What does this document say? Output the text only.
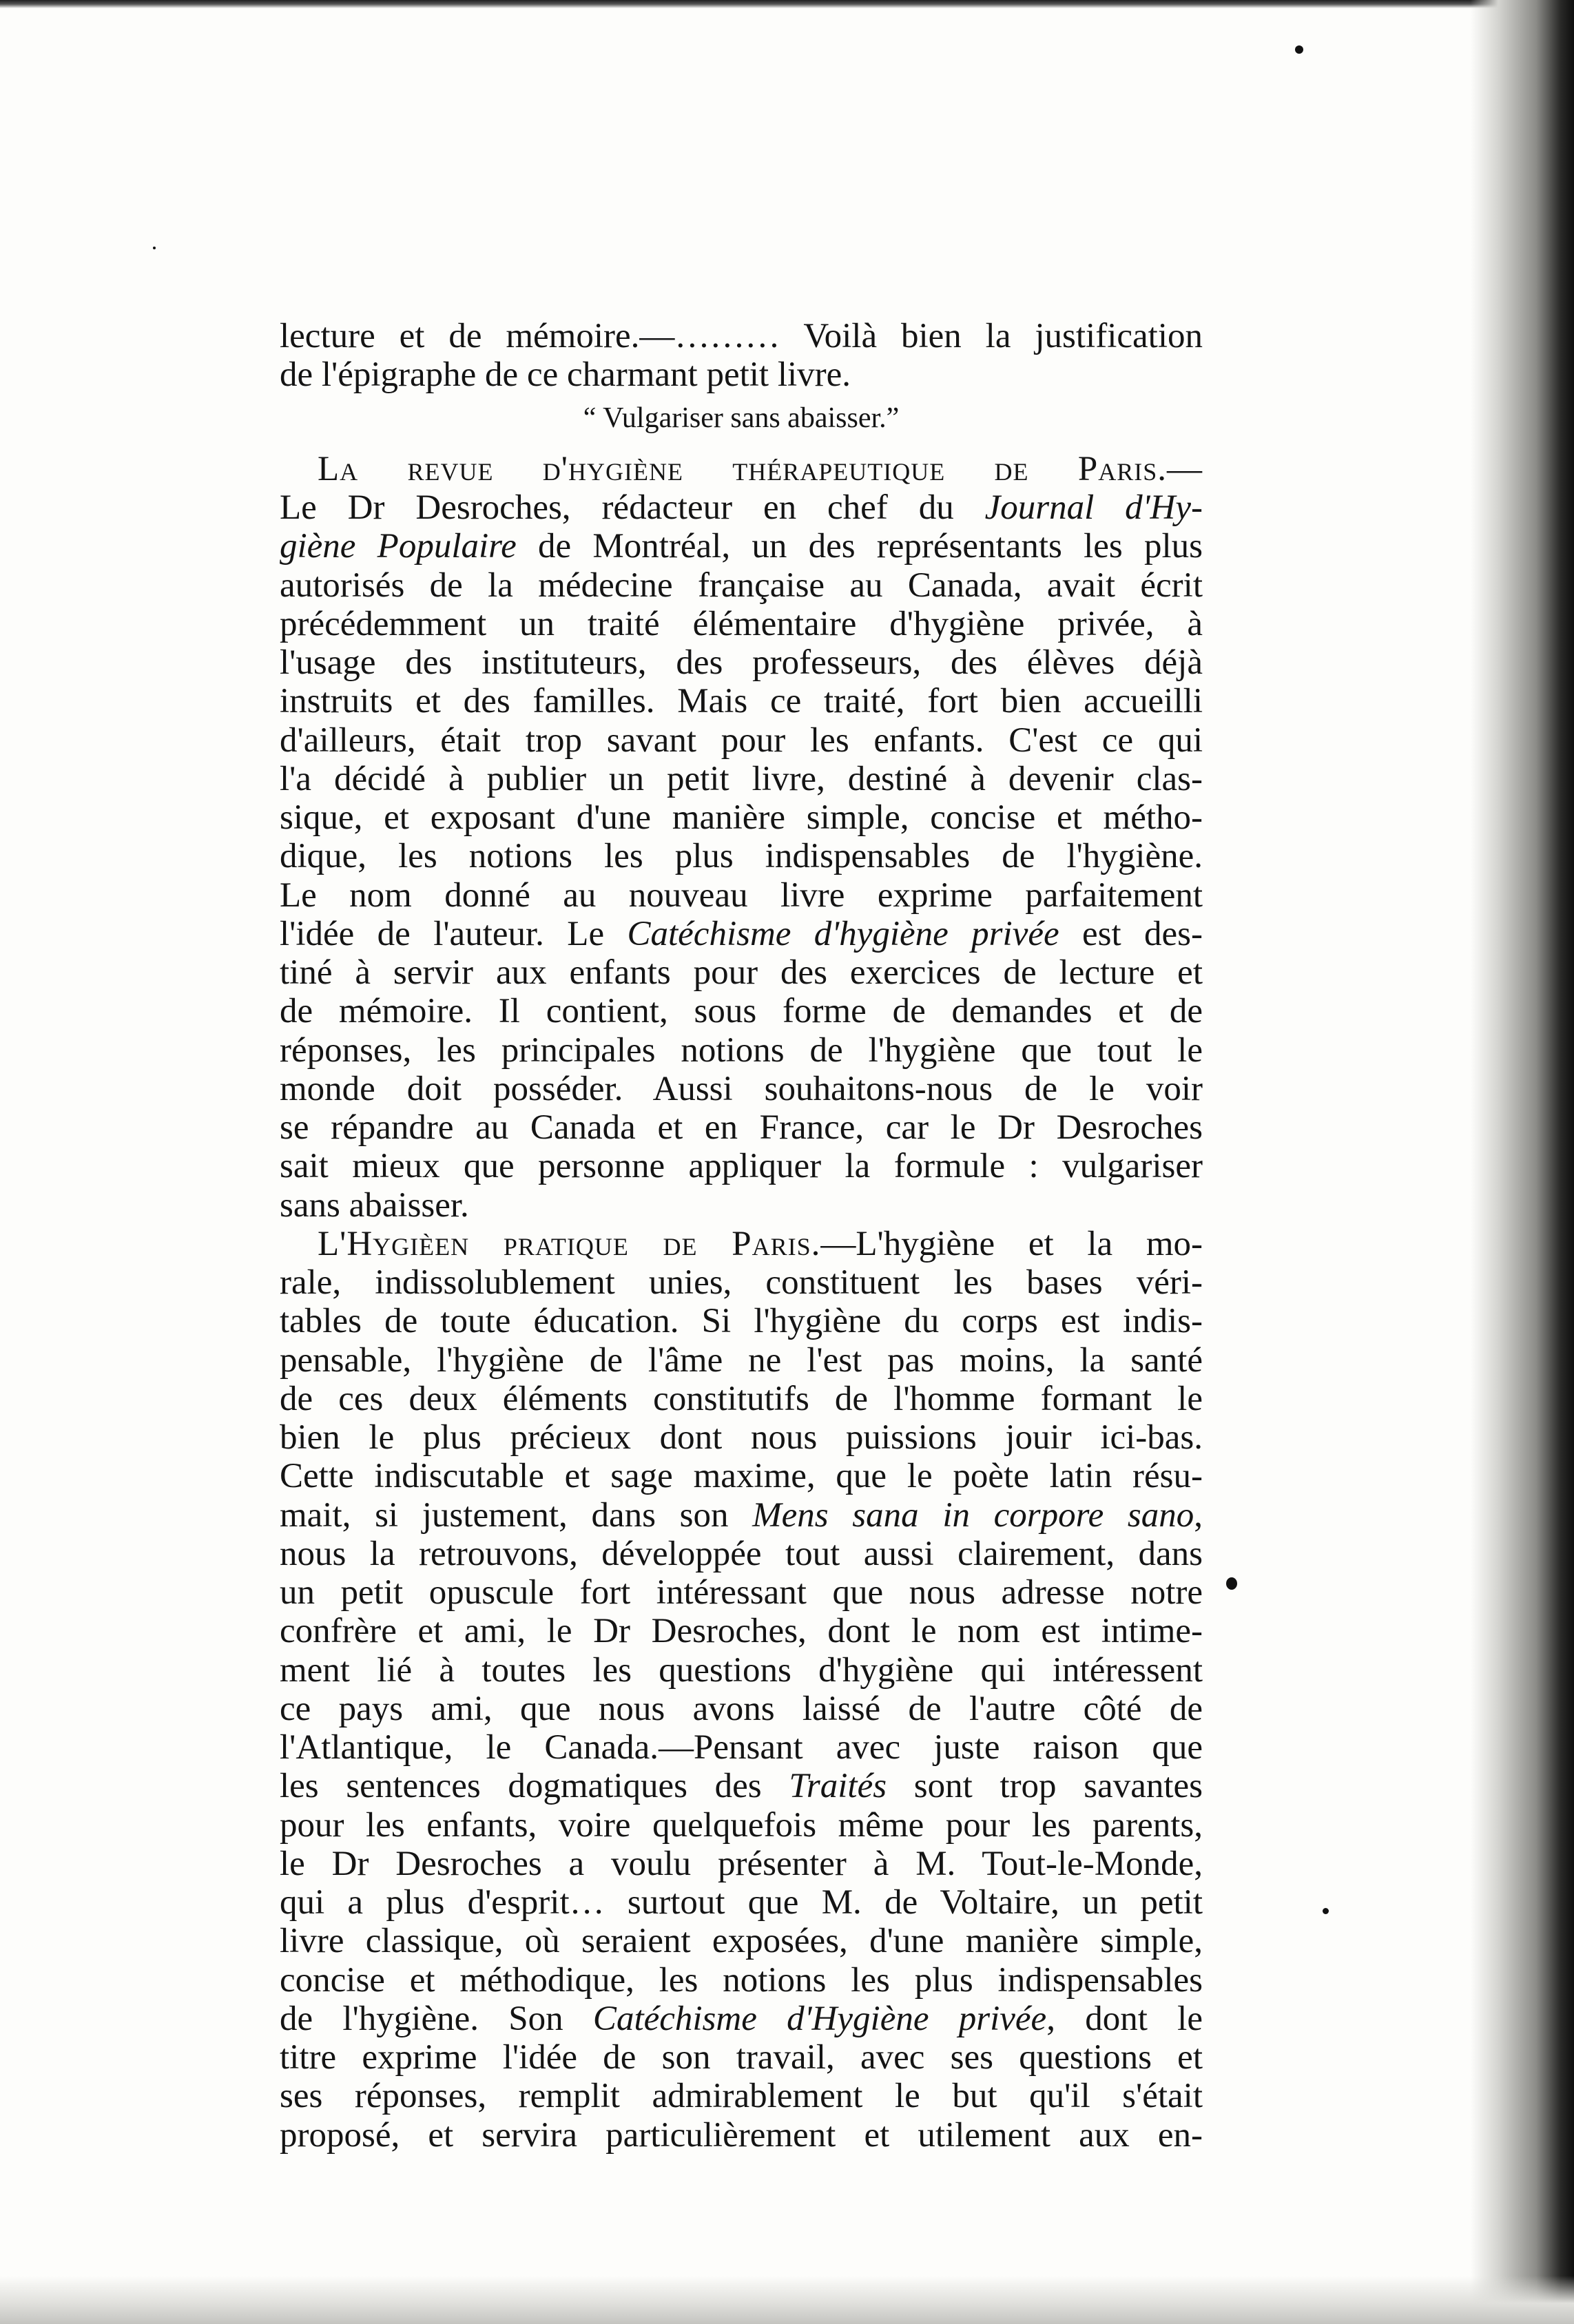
lecture et de mémoire.—……… Voilà bien la justification
de l'épigraphe de ce charmant petit livre.
“ Vulgariser sans abaisser.”
La revue d'hygiène thérapeutique de Paris.—
Le Dr Desroches, rédacteur en chef du Journal d'Hy-
giène Populaire de Montréal, un des représentants les plus
autorisés de la médecine française au Canada, avait écrit
précédemment un traité élémentaire d'hygiène privée, à
l'usage des instituteurs, des professeurs, des élèves déjà
instruits et des familles. Mais ce traité, fort bien accueilli
d'ailleurs, était trop savant pour les enfants. C'est ce qui
l'a décidé à publier un petit livre, destiné à devenir clas-
sique, et exposant d'une manière simple, concise et métho-
dique, les notions les plus indispensables de l'hygiène.
Le nom donné au nouveau livre exprime parfaitement
l'idée de l'auteur. Le Catéchisme d'hygiène privée est des-
tiné à servir aux enfants pour des exercices de lecture et
de mémoire. Il contient, sous forme de demandes et de
réponses, les principales notions de l'hygiène que tout le
monde doit posséder. Aussi souhaitons-nous de le voir
se répandre au Canada et en France, car le Dr Desroches
sait mieux que personne appliquer la formule : vulgariser
sans abaisser.
L'Hygièen pratique de Paris.—L'hygiène et la mo-
rale, indissolublement unies, constituent les bases véri-
tables de toute éducation. Si l'hygiène du corps est indis-
pensable, l'hygiène de l'âme ne l'est pas moins, la santé
de ces deux éléments constitutifs de l'homme formant le
bien le plus précieux dont nous puissions jouir ici-bas.
Cette indiscutable et sage maxime, que le poète latin résu-
mait, si justement, dans son Mens sana in corpore sano,
nous la retrouvons, développée tout aussi clairement, dans
un petit opuscule fort intéressant que nous adresse notre
confrère et ami, le Dr Desroches, dont le nom est intime-
ment lié à toutes les questions d'hygiène qui intéressent
ce pays ami, que nous avons laissé de l'autre côté de
l'Atlantique, le Canada.—Pensant avec juste raison que
les sentences dogmatiques des Traités sont trop savantes
pour les enfants, voire quelquefois même pour les parents,
le Dr Desroches a voulu présenter à M. Tout-le-Monde,
qui a plus d'esprit… surtout que M. de Voltaire, un petit
livre classique, où seraient exposées, d'une manière simple,
concise et méthodique, les notions les plus indispensables
de l'hygiène. Son Catéchisme d'Hygiène privée, dont le
titre exprime l'idée de son travail, avec ses questions et
ses réponses, remplit admirablement le but qu'il s'était
proposé, et servira particulièrement et utilement aux en-
